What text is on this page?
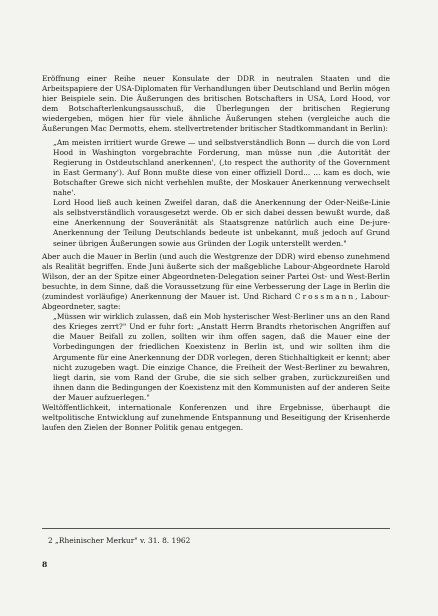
Eröffnung einer Reihe neuer Konsulate der DDR in neutralen Staaten und die Arbeitspapiere der USA-Diplomaten für Verhandlungen über Deutschland und Berlin mögen hier Beispiele sein. Die Äußerungen des britischen Botschafters in USA, Lord Hood, vor dem Botschafterlenkungsausschuß, die Überlegungen der britischen Regierung wiedergeben, mögen hier für viele ähnliche Äußerungen stehen (vergleiche auch die Äußerungen Mac Dermotts, ehem. stellvertretender britischer Stadtkommandant in Berlin):

„Am meisten irritiert wurde Grewe — und selbstverständlich Bonn — durch die von Lord Hood in Washington vorgebrachte Forderung, man müsse nun ,die Autorität der Regierung in Ostdeutschland anerkennen', (,to respect the authority of the Government in East Germany'). Auf Bonn mußte diese von einer offiziell Dord... ... kam es doch, wie Botschafter Grewe sich nicht verhehlen mußte, der Moskauer Anerkennung verwechselt nahe'.

Lord Hood ließ auch keinen Zweifel daran, daß die Anerkennung der Oder-Neiße-Linie als selbstverständlich vorausgesetzt werde. Ob er sich dabei dessen bewußt wurde, daß eine Anerkennung der Souveränität als Staatsgrenze natürlich auch eine De-jure-Anerkennung der Teilung Deutschlands bedeute ist unbekannt, muß jedoch auf Grund seiner übrigen Äußerungen sowie aus Gründen der Logik unterstellt werden."

Aber auch die Mauer in Berlin (und auch die Westgrenze der DDR) wird ebenso zunehmend als Realität begriffen. Ende Juni äußerte sich der maßgebliche Labour-Abgeordnete Harold Wilson, der an der Spitze einer Abgeordneten-Delegation seiner Partei Ost- und West-Berlin besuchte, in dem Sinne, daß die Voraussetzung für eine Verbesserung der Lage in Berlin die (zumindest vorläufige) Anerkennung der Mauer ist. Und Richard Crossmann, Labour-Abgeordneter, sagte:

„Müssen wir wirklich zulassen, daß ein Mob hysterischer West-Berliner uns an den Rand des Krieges zerrt?" Und er fuhr fort: „Anstatt Herrn Brandts rhetorischen Angriffen auf die Mauer Beifall zu zollen, sollten wir ihm offen sagen, daß die Mauer eine der Vorbedingungen der friedlichen Koexistenz in Berlin ist, und wir sollten ihm die Argumente für eine Anerkennung der DDR vorlegen, deren Stichhaltigkeit er kennt; aber nicht zuzugeben wagt. Die einzige Chance, die Freiheit der West-Berliner zu bewahren, liegt darin, sie vom Rand der Grube, die sie sich selber graben, zurückzureißen und ihnen dann die Bedingungen der Koexistenz mit den Kommunisten auf der anderen Seite der Mauer aufzuerlegen."

Weltöffentlichkeit, internationale Konferenzen und ihre Ergebnisse, überhaupt die weltpolitische Entwicklung auf zunehmende Entspannung und Beseitigung der Krisenherde laufen den Zielen der Bonner Politik genau entgegen.

2 „Rheinischer Merkur" v. 31. 8. 1962
8
